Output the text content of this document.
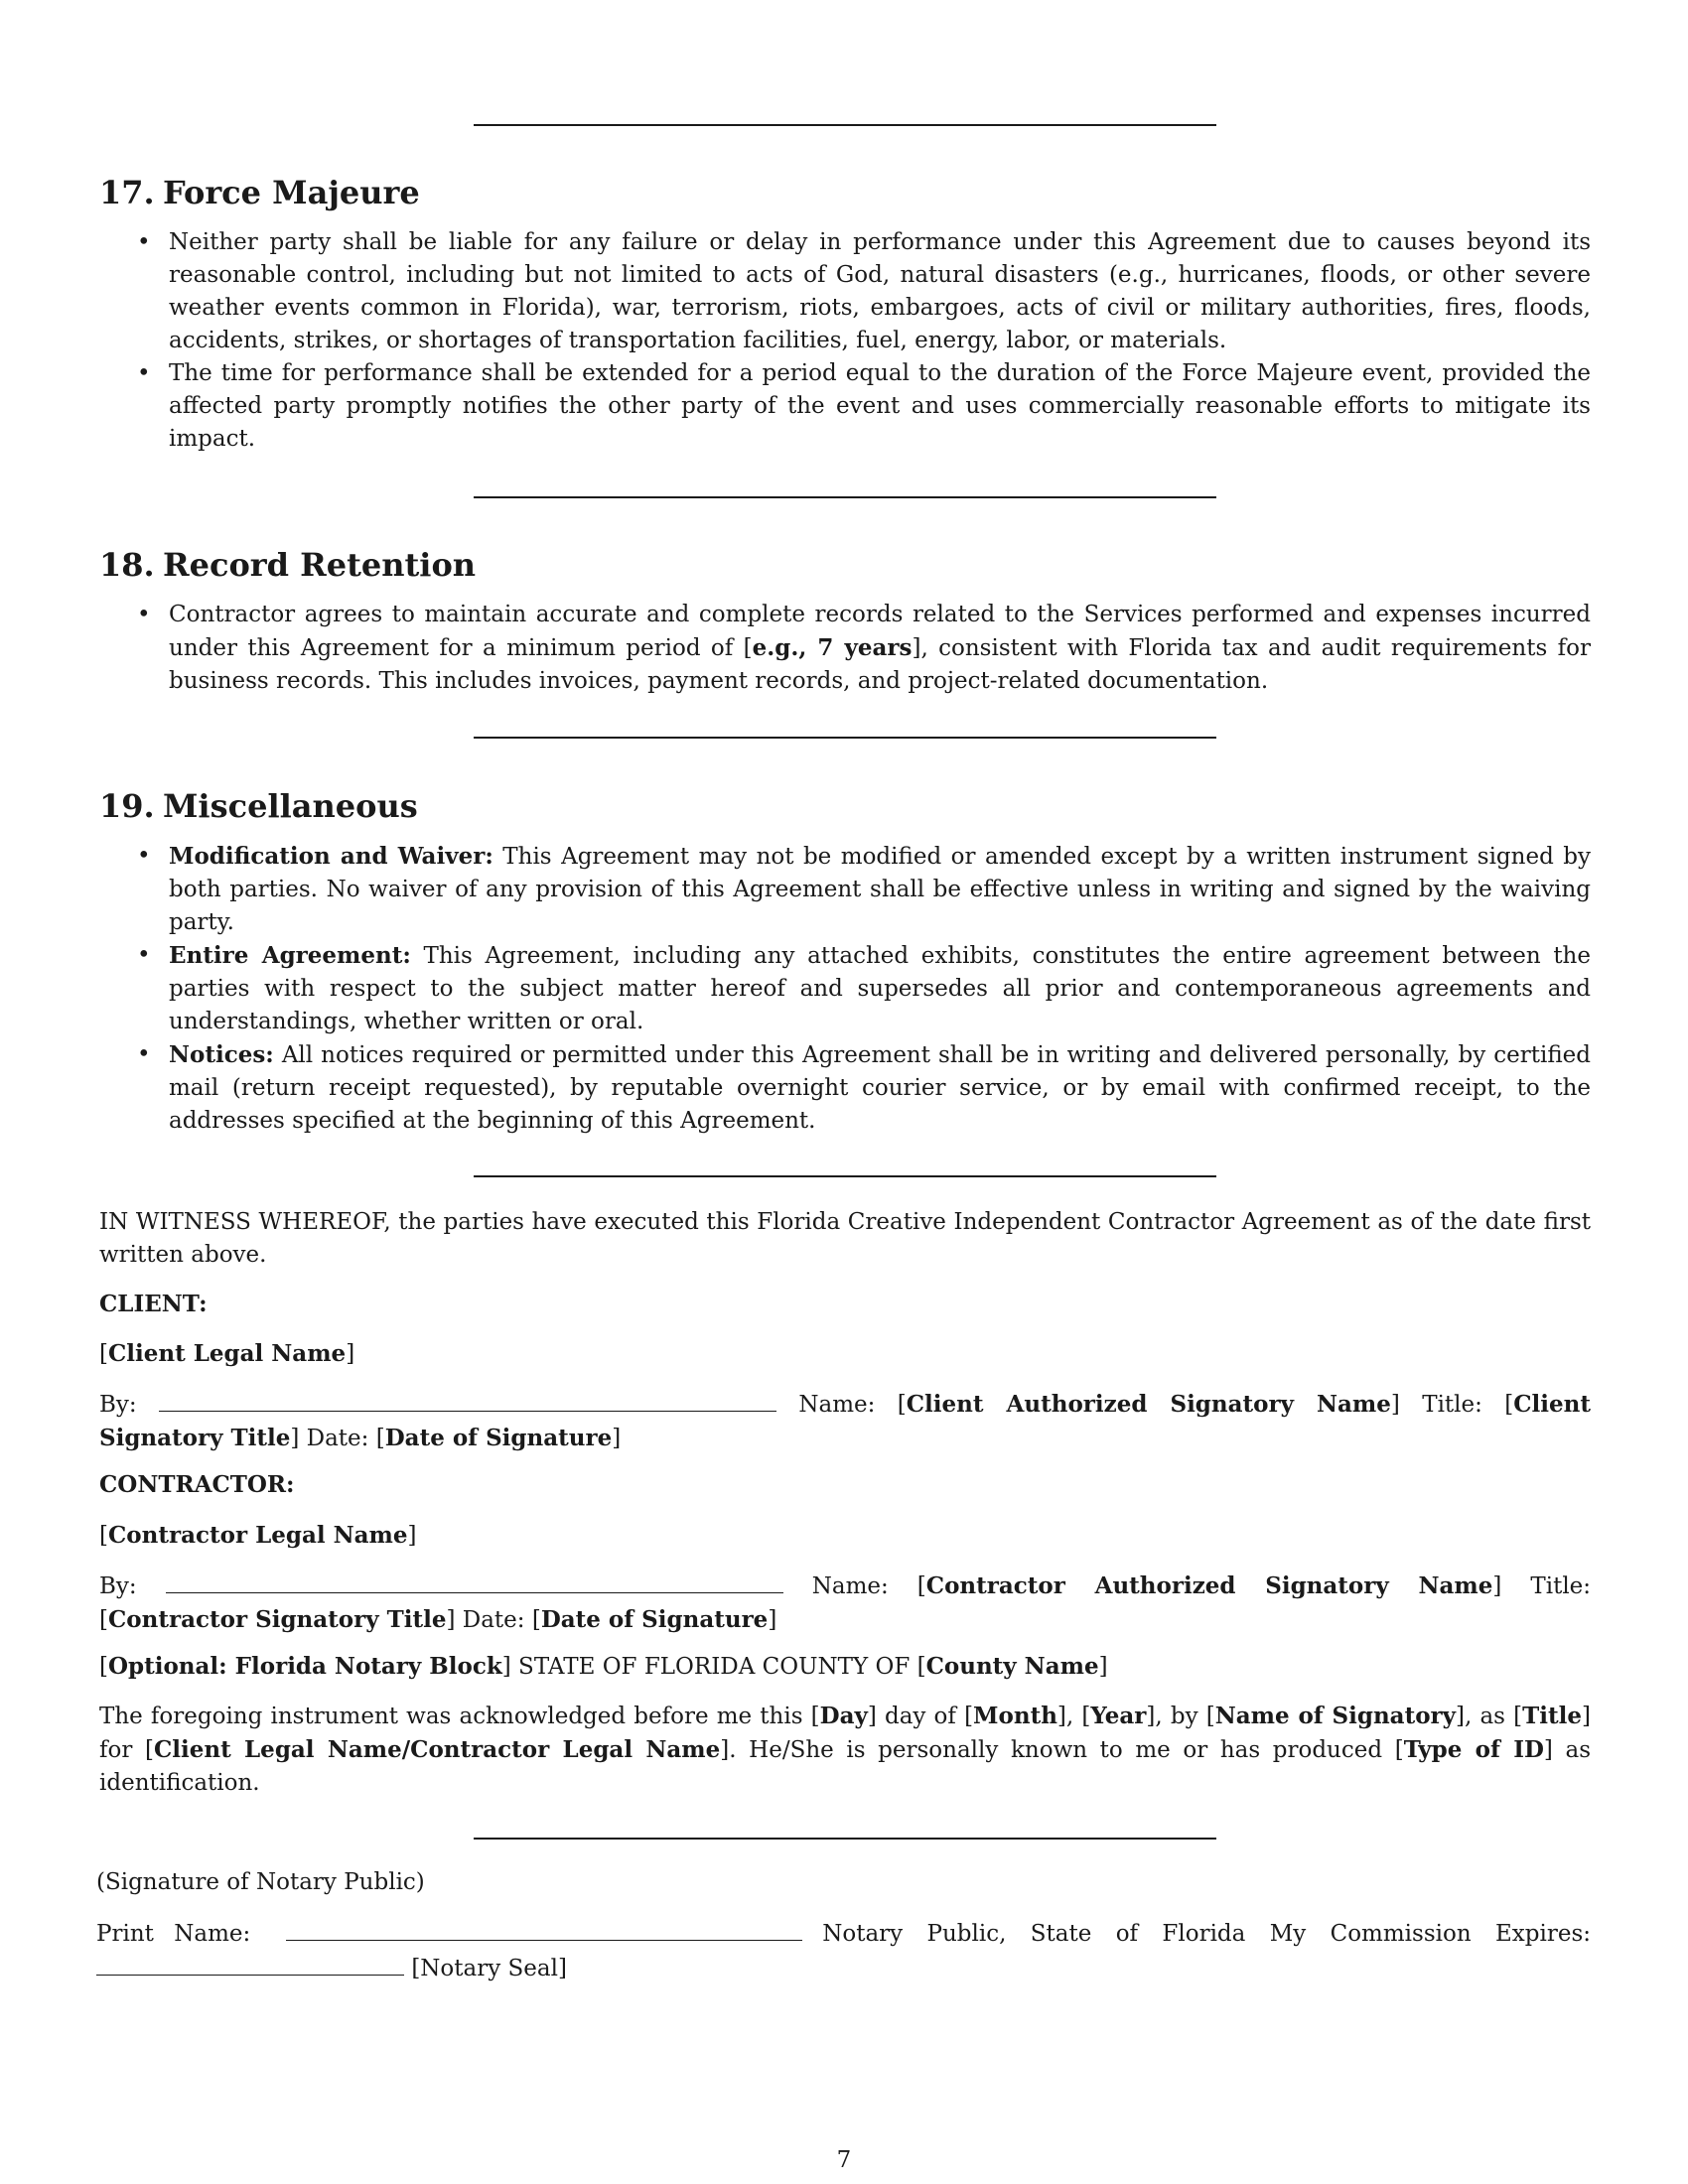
17. Force Majeure
• Neither party shall be liable for any failure or delay in performance under this Agreement due to causes beyond its reasonable control, including but not limited to acts of God, natural disasters (e.g., hurricanes, floods, or other severe weather events common in Florida), war, terrorism, riots, embargoes, acts of civil or military authorities, fires, floods, accidents, strikes, or shortages of transportation facilities, fuel, energy, labor, or materials.
• The time for performance shall be extended for a period equal to the duration of the Force Majeure event, provided the affected party promptly notifies the other party of the event and uses commercially reasonable efforts to mitigate its impact.
18. Record Retention
• Contractor agrees to maintain accurate and complete records related to the Services performed and expenses incurred under this Agreement for a minimum period of [e.g., 7 years], consistent with Florida tax and audit requirements for business records. This includes invoices, payment records, and project-related documentation.
19. Miscellaneous
• Modification and Waiver: This Agreement may not be modified or amended except by a written instrument signed by both parties. No waiver of any provision of this Agreement shall be effective unless in writing and signed by the waiving party.
• Entire Agreement: This Agreement, including any attached exhibits, constitutes the entire agreement between the parties with respect to the subject matter hereof and supersedes all prior and contemporaneous agreements and understandings, whether written or oral.
• Notices: All notices required or permitted under this Agreement shall be in writing and delivered personally, by certified mail (return receipt requested), by reputable overnight courier service, or by email with confirmed receipt, to the addresses specified at the beginning of this Agreement.

IN WITNESS WHEREOF, the parties have executed this Florida Creative Independent Contractor Agreement as of the date first written above.

CLIENT:

[Client Legal Name]

By:	Name: [Client Authorized Signatory Name] Title: [Client Signatory Title] Date: [Date of Signature]

CONTRACTOR:

[Contractor Legal Name]

By:	Name: [Contractor Authorized Signatory Name] Title: [Contractor Signatory Title] Date: [Date of Signature]

[Optional: Florida Notary Block] STATE OF FLORIDA COUNTY OF [County Name]

The foregoing instrument was acknowledged before me this [Day] day of [Month], [Year], by [Name of Signatory], as [Title] for [Client Legal Name/Contractor Legal Name]. He/She is personally known to me or has produced [Type of ID] as identification.

(Signature of Notary Public)

Print Name:	Notary Public, State of Florida My Commission Expires:  [Notary Seal]

7
